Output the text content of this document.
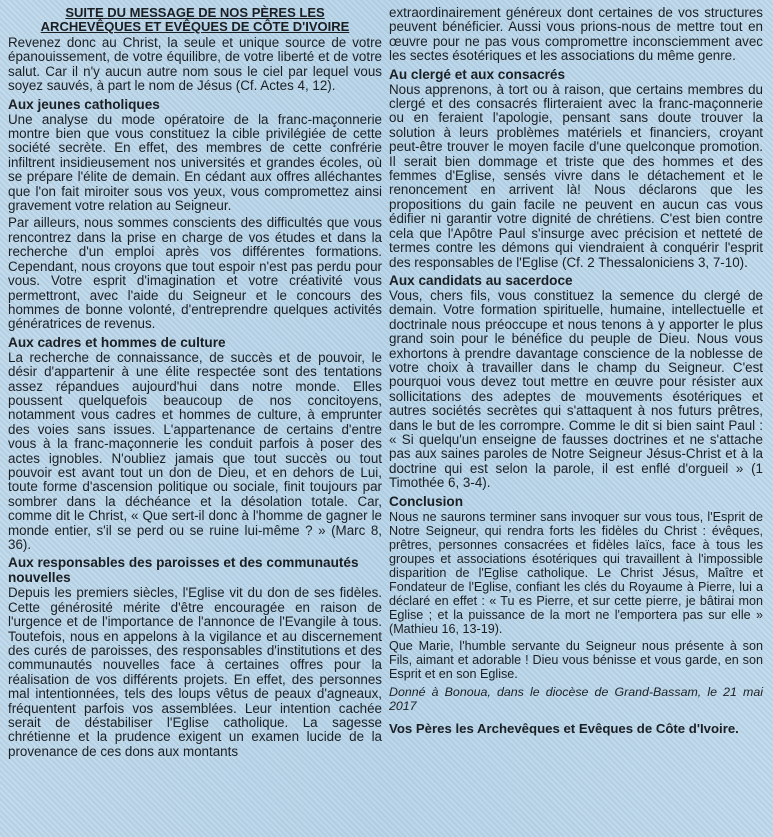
SUITE DU MESSAGE DE NOS PÈRES LES
ARCHEVÊQUES ET EVÊQUES DE CÔTE D'IVOIRE

Revenez donc au Christ, la seule et unique source de votre épanouissement, de votre équilibre, de votre liberté et de votre salut. Car il n'y aucun autre nom sous le ciel par lequel vous soyez sauvés, à part le nom de Jésus (Cf. Actes 4, 12).

Aux jeunes catholiques

Une analyse du mode opératoire de la franc-maçonnerie montre bien que vous constituez la cible privilégiée de cette société secrète. En effet, des membres de cette confrérie infiltrent insidieusement nos universités et grandes écoles, où se prépare l'élite de demain. En cédant aux offres alléchantes que l'on fait miroiter sous vos yeux, vous compromettez ainsi gravement votre relation au Seigneur.

Par ailleurs, nous sommes conscients des difficultés que vous rencontrez dans la prise en charge de vos études et dans la recherche d'un emploi après vos différentes formations. Cependant, nous croyons que tout espoir n'est pas perdu pour vous. Votre esprit d'imagination et votre créativité vous permettront, avec l'aide du Seigneur et le concours des hommes de bonne volonté, d'entreprendre quelques activités génératrices de revenus.

Aux cadres et hommes de culture

La recherche de connaissance, de succès et de pouvoir, le désir d'appartenir à une élite respectée sont des tentations assez répandues aujourd'hui dans notre monde. Elles poussent quelquefois beaucoup de nos concitoyens, notamment vous cadres et hommes de culture, à emprunter des voies sans issues. L'appartenance de certains d'entre vous à la franc-maçonnerie les conduit parfois à poser des actes ignobles. N'oubliez jamais que tout succès ou tout pouvoir est avant tout un don de Dieu, et en dehors de Lui, toute forme d'ascension politique ou sociale, finit toujours par sombrer dans la déchéance et la désolation totale. Car, comme dit le Christ, « Que sert-il donc à l'homme de gagner le monde entier, s'il se perd ou se ruine lui-même ? » (Marc 8, 36).

Aux responsables des paroisses et des communautés nouvelles

Depuis les premiers siècles, l'Eglise vit du don de ses fidèles. Cette générosité mérite d'être encouragée en raison de l'urgence et de l'importance de l'annonce de l'Evangile à tous. Toutefois, nous en appelons à la vigilance et au discernement des curés de paroisses, des responsables d'institutions et des communautés nouvelles face à certaines offres pour la réalisation de vos différents projets. En effet, des personnes mal intentionnées, tels des loups vêtus de peaux d'agneaux, fréquentent parfois vos assemblées. Leur intention cachée serait de déstabiliser l'Eglise catholique. La sagesse chrétienne et la prudence exigent un examen lucide de la provenance de ces dons aux montants

extraordinairement généreux dont certaines de vos structures peuvent bénéficier. Aussi vous prions-nous de mettre tout en œuvre pour ne pas vous compromettre inconsciemment avec les sectes ésotériques et les associations du même genre.

Au clergé et aux consacrés

Nous apprenons, à tort ou à raison, que certains membres du clergé et des consacrés flirteraient avec la franc-maçonnerie ou en feraient l'apologie, pensant sans doute trouver la solution à leurs problèmes matériels et financiers, croyant peut-être trouver le moyen facile d'une quelconque promotion. Il serait bien dommage et triste que des hommes et des femmes d'Eglise, sensés vivre dans le détachement et le renoncement en arrivent là! Nous déclarons que les propositions du gain facile ne peuvent en aucun cas vous édifier ni garantir votre dignité de chrétiens. C'est bien contre cela que l'Apôtre Paul s'insurge avec précision et netteté de termes contre les démons qui viendraient à conquérir l'esprit des responsables de l'Eglise (Cf. 2 Thessaloniciens 3, 7-10).

Aux candidats au sacerdoce

Vous, chers fils, vous constituez la semence du clergé de demain. Votre formation spirituelle, humaine, intellectuelle et doctrinale nous préoccupe et nous tenons à y apporter le plus grand soin pour le bénéfice du peuple de Dieu. Nous vous exhortons à prendre davantage conscience de la noblesse de votre choix à travailler dans le champ du Seigneur. C'est pourquoi vous devez tout mettre en œuvre pour résister aux sollicitations des adeptes de mouvements ésotériques et autres sociétés secrètes qui s'attaquent à nos futurs prêtres, dans le but de les corrompre. Comme le dit si bien saint Paul : « Si quelqu'un enseigne de fausses doctrines et ne s'attache pas aux saines paroles de Notre Seigneur Jésus-Christ et à la doctrine qui est selon la parole, il est enflé d'orgueil » (1 Timothée 6, 3-4).

Conclusion

Nous ne saurons terminer sans invoquer sur vous tous, l'Esprit de Notre Seigneur, qui rendra forts les fidèles du Christ : évêques, prêtres, personnes consacrées et fidèles laïcs, face à tous les groupes et associations ésotériques qui travaillent à l'impossible disparition de l'Eglise catholique. Le Christ Jésus, Maître et Fondateur de l'Eglise, confiant les clés du Royaume à Pierre, lui a déclaré en effet : « Tu es Pierre, et sur cette pierre, je bâtirai mon Eglise ; et la puissance de la mort ne l'emportera pas sur elle » (Mathieu 16, 13-19).

Que Marie, l'humble servante du Seigneur nous présente à son Fils, aimant et adorable ! Dieu vous bénisse et vous garde, en son Esprit et en son Eglise.

Donné à Bonoua, dans le diocèse de Grand-Bassam, le 21 mai 2017

Vos Pères les Archevêques et Evêques de Côte d'Ivoire.
